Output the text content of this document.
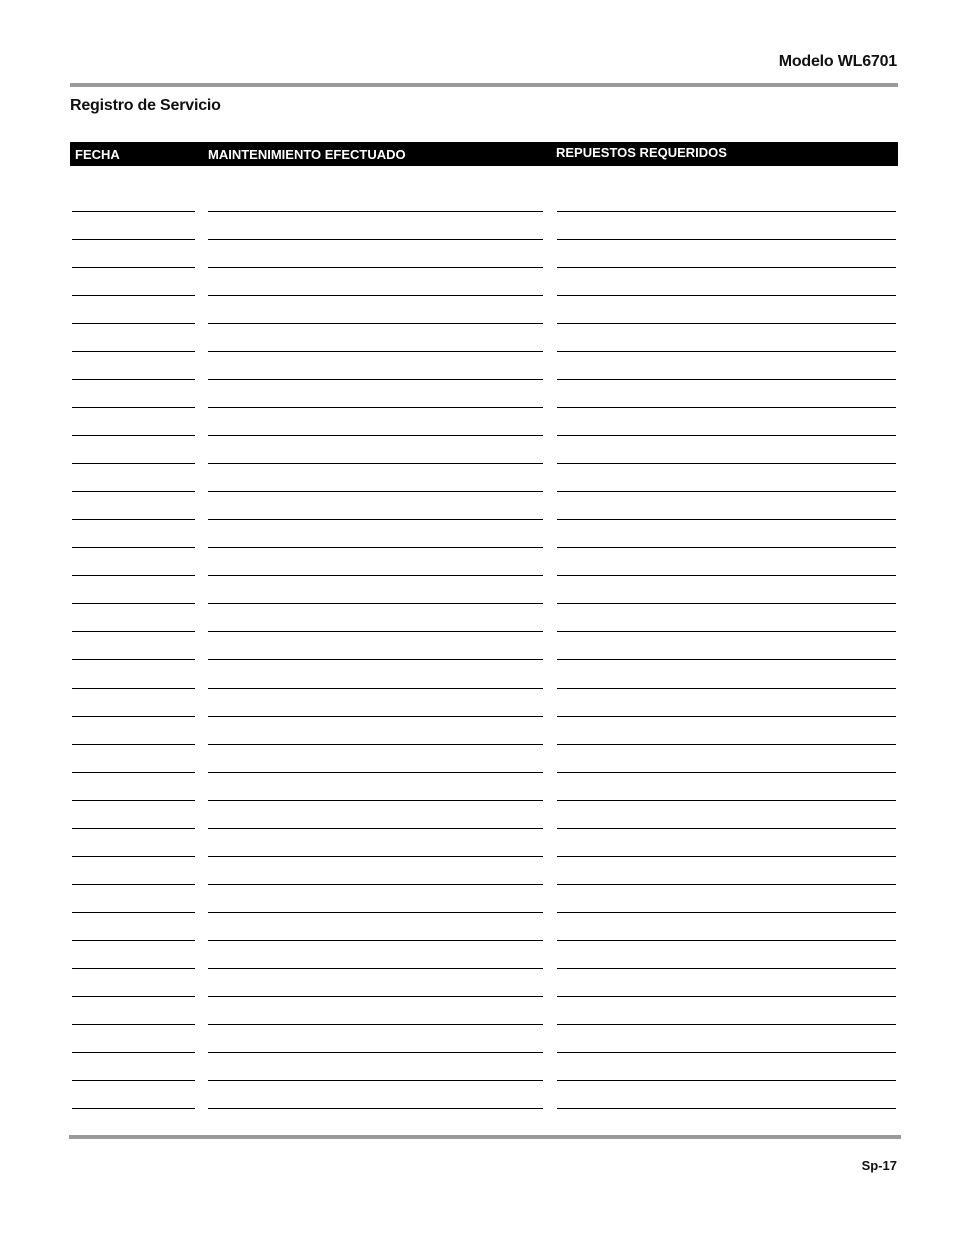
Modelo WL6701
Registro de Servicio
FECHA	MAINTENIMIENTO EFECTUADO	REPUESTOS REQUERIDOS
Sp-17
